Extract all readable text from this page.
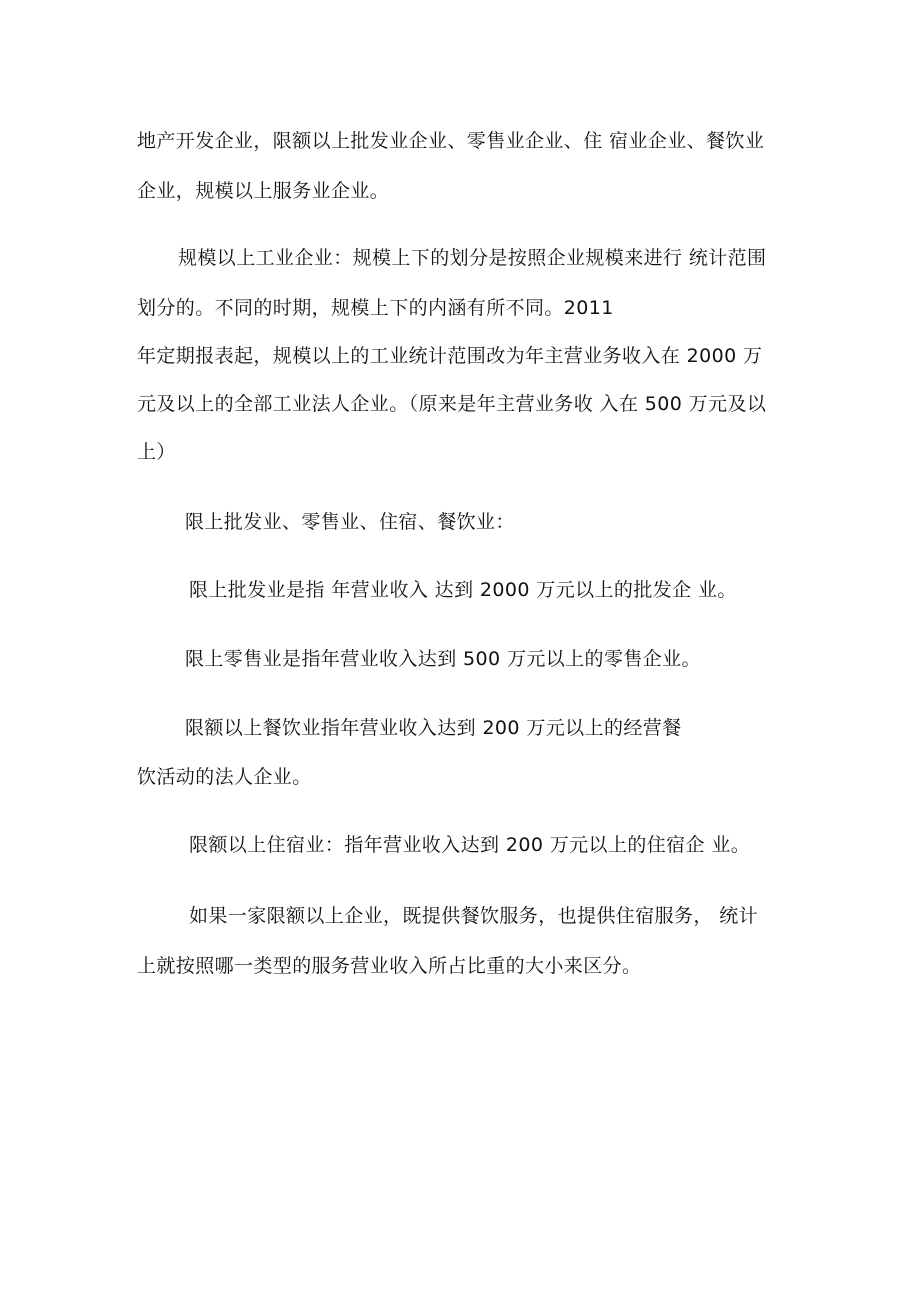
地产开发企业，限额以上批发业企业、零售业企业、住 宿业企业、餐饮业
企业，规模以上服务业企业。
规模以上工业企业：规模上下的划分是按照企业规模来进行 统计范围
划分的。不同的时期，规模上下的内涵有所不同。2011
年定期报表起，规模以上的工业统计范围改为年主营业务收入在 2000 万
元及以上的全部工业法人企业。（原来是年主营业务收 入在 500 万元及以
上）
限上批发业、零售业、住宿、餐饮业：
限上批发业是指 年营业收入 达到 2000 万元以上的批发企 业。
限上零售业是指年营业收入达到 500 万元以上的零售企业。
限额以上餐饮业指年营业收入达到 200 万元以上的经营餐
饮活动的法人企业。
限额以上住宿业：指年营业收入达到 200 万元以上的住宿企 业。
如果一家限额以上企业，既提供餐饮服务，也提供住宿服务， 统计
上就按照哪一类型的服务营业收入所占比重的大小来区分。
